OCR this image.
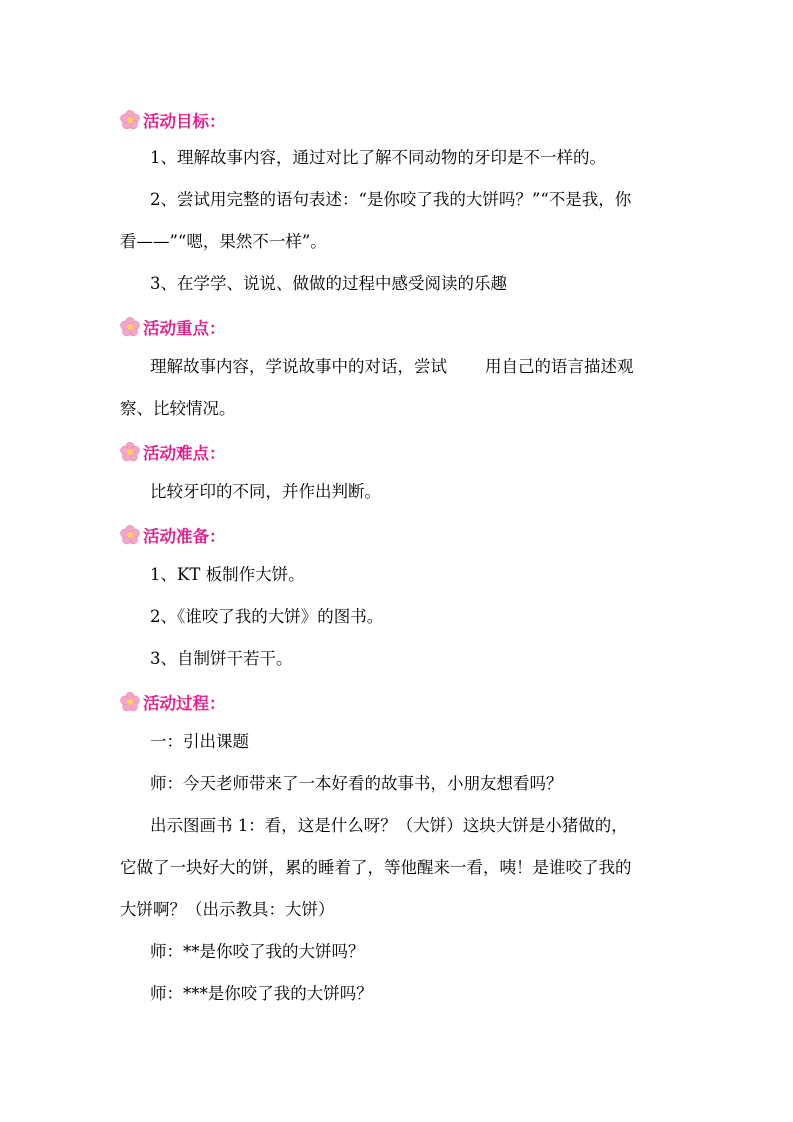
活动目标：
1、理解故事内容，通过对比了解不同动物的牙印是不一样的。
2、尝试用完整的语句表述：“是你咬了我的大饼吗？”“不是我，你
看——”“嗯，果然不一样”。
3、在学学、说说、做做的过程中感受阅读的乐趣
活动重点：
理解故事内容，学说故事中的对话，尝试 用自己的语言描述观
察、比较情况。
活动难点：
比较牙印的不同，并作出判断。
活动准备：
1、KT 板制作大饼。
2、《谁咬了我的大饼》的图书。
3、自制饼干若干。
活动过程：
一：引出课题
师：今天老师带来了一本好看的故事书，小朋友想看吗？
出示图画书 1：看，这是什么呀？（大饼）这块大饼是小猪做的，
它做了一块好大的饼，累的睡着了，等他醒来一看，咦！是谁咬了我的
大饼啊？（出示教具：大饼）
师：**是你咬了我的大饼吗？
师：***是你咬了我的大饼吗？
